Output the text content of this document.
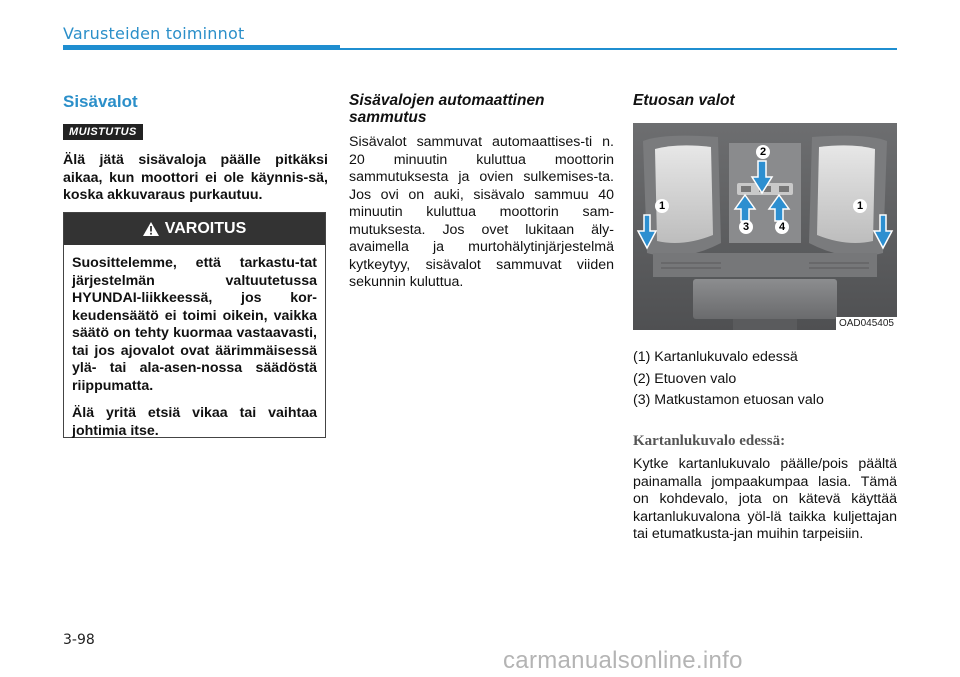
Varusteiden toiminnot
Sisävalot
MUISTUTUS

Älä jätä sisävaloja päälle pitkäksi aikaa, kun moottori ei ole käynnis-sä, koska akkuvaraus purkautuu.

VAROITUS

Suosittelemme, että tarkastu-tat järjestelmän valtuutetussa HYUNDAI-liikkeessä, jos kor-keudensäätö ei toimi oikein, vaikka säätö on tehty kuormaa vastaavasti, tai jos ajovalot ovat äärimmäisessä ylä- tai ala-asen-nossa säädöstä riippumatta.

Älä yritä etsiä vikaa tai vaihtaa johtimia itse.

Sisävalojen automaattinen sammutus

Sisävalot sammuvat automaattises-ti n. 20 minuutin kuluttua moottorin sammutuksesta ja ovien sulkemises-ta. Jos ovi on auki, sisävalo sammuu 40 minuutin kuluttua moottorin sam-mutuksesta. Jos ovet lukitaan äly-avaimella ja murtohälytinjärjestelmä kytkeytyy, sisävalot sammuvat viiden sekunnin kuluttua.

Etuosan valot
1
2
3	4
1
OAD045405
(1) Kartanlukuvalo edessä
(2) Etuoven valo
(3) Matkustamon etuosan valo
Kartanlukuvalo edessä:

Kytke kartanlukuvalo päälle/pois päältä painamalla jompaakumpaa lasia. Tämä on kohdevalo, jota on kätevä käyttää kartanlukuvalona yöl-lä taikka kuljettajan tai etumatkusta-jan muihin tarpeisiin.

3-98
carmanualsonline.info
